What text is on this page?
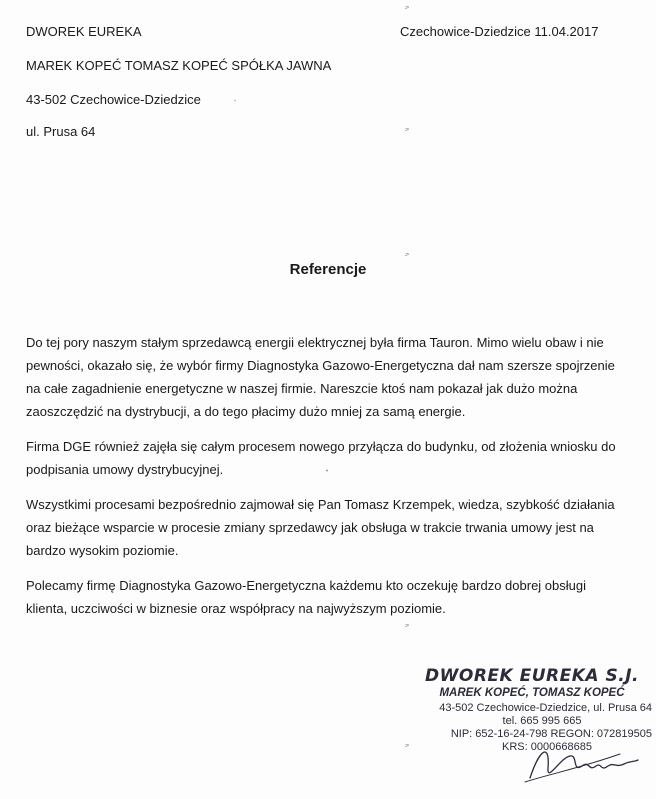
DWOREK EUREKA	Czechowice-Dziedzice 11.04.2017
MAREK KOPEĆ TOMASZ KOPEĆ SPÓŁKA JAWNA
43-502 Czechowice-Dziedzice
ul. Prusa 64
Referencje

Do tej pory naszym stałym sprzedawcą energii elektrycznej była firma Tauron. Mimo wielu obaw i nie pewności, okazało się, że wybór firmy Diagnostyka Gazowo-Energetyczna dał nam szersze spojrzenie na całe zagadnienie energetyczne w naszej firmie. Nareszcie ktoś nam pokazał jak dużo można zaoszczędzić na dystrybucji, a do tego płacimy dużo mniej za samą energie.

Firma DGE również zajęła się całym procesem nowego przyłącza do budynku, od złożenia wniosku do podpisania umowy dystrybucyjnej.

Wszystkimi procesami bezpośrednio zajmował się Pan Tomasz Krzempek, wiedza, szybkość działania oraz bieżące wsparcie w procesie zmiany sprzedawcy jak obsługa w trakcie trwania umowy jest na bardzo wysokim poziomie.

Polecamy firmę Diagnostyka Gazowo-Energetyczna każdemu kto oczekuję bardzo dobrej obsługi klienta, uczciwości w biznesie oraz współpracy na najwyższym poziomie.

DWOREK EUREKA S.J.
MAREK KOPEĆ, TOMASZ KOPEĆ
43-502 Czechowice-Dziedzice, ul. Prusa 64
tel. 665 995 665
NIP: 652-16-24-798 REGON: 072819505
KRS: 0000668685
